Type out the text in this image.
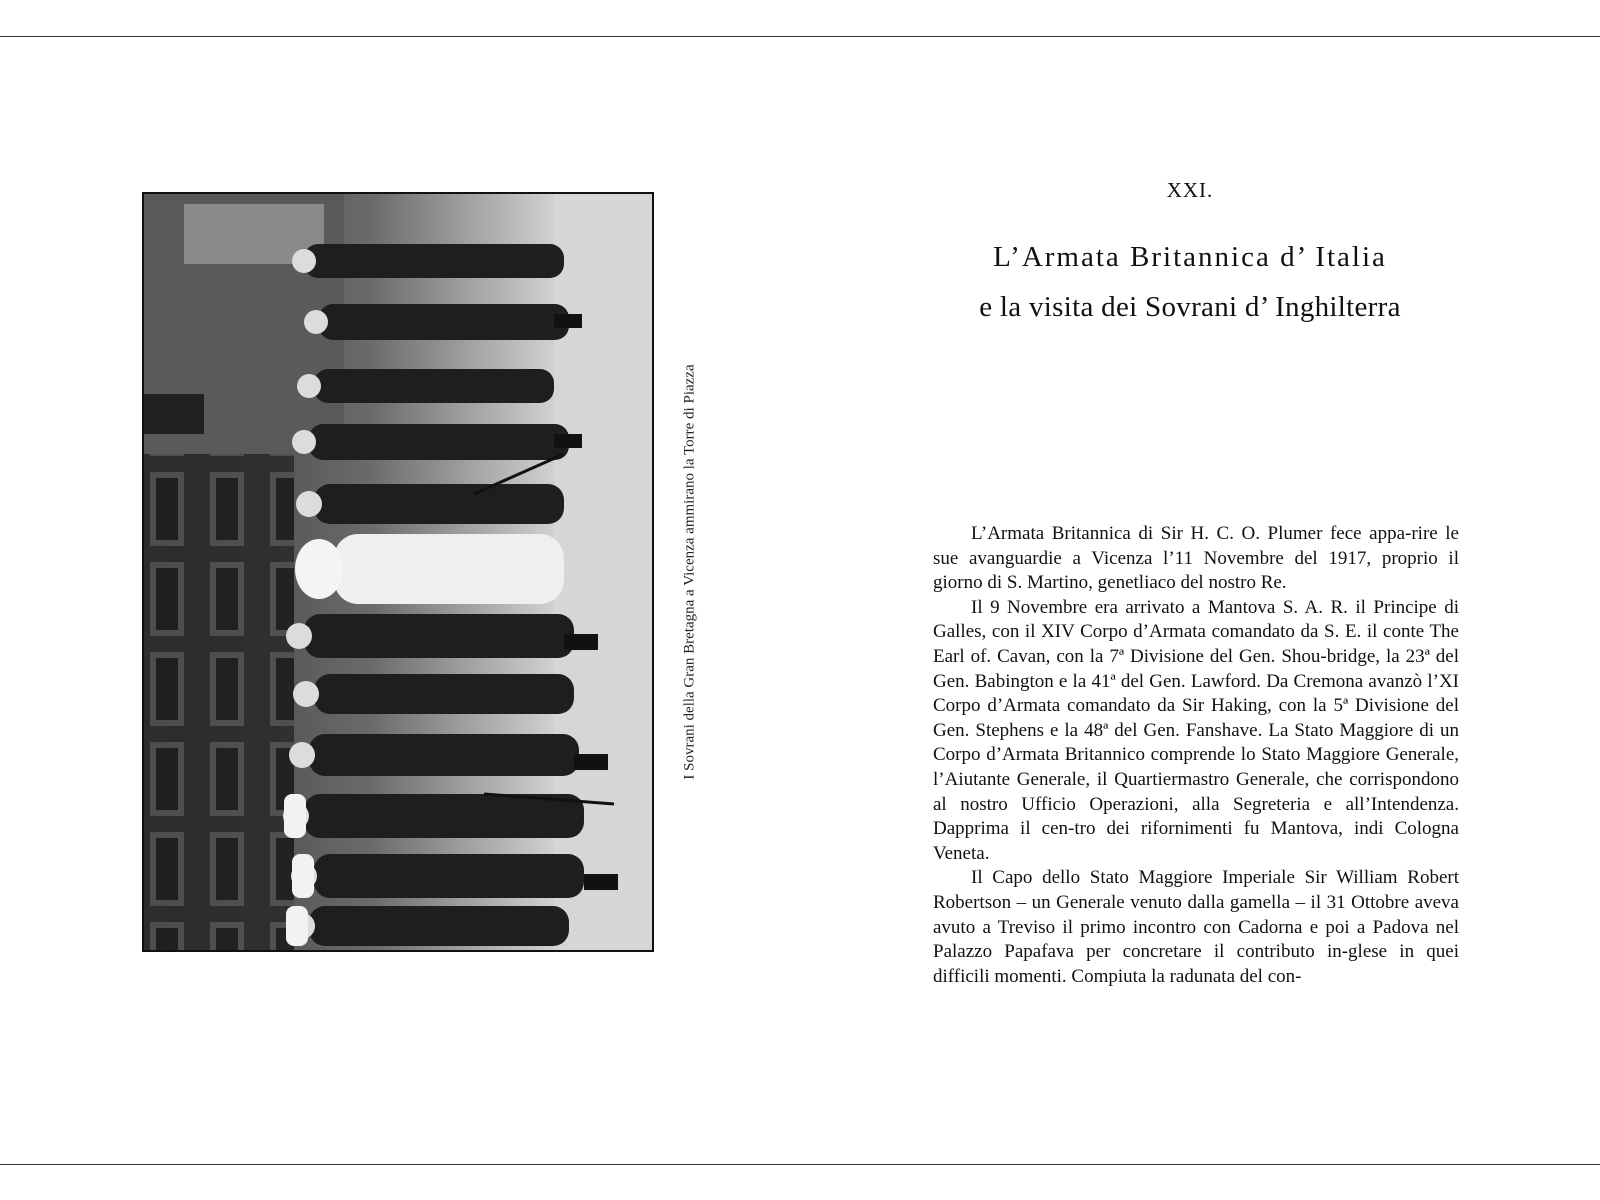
I Sovrani della Gran Bretagna a Vicenza ammirano la Torre di Piazza
XXI.
L’Armata Britannica d’ Italia
e la visita dei Sovrani d’ Inghilterra

L’Armata Britannica di Sir H. C. O. Plumer fece appa-rire le sue avanguardie a Vicenza l’11 Novembre del 1917, proprio il giorno di S. Martino, genetliaco del nostro Re.

Il 9 Novembre era arrivato a Mantova S. A. R. il Principe di Galles, con il XIV Corpo d’Armata comandato da S. E. il conte The Earl of. Cavan, con la 7ª Divisione del Gen. Shou-bridge, la 23ª del Gen. Babington e la 41ª del Gen. Lawford. Da Cremona avanzò l’XI Corpo d’Armata comandato da Sir Haking, con la 5ª Divisione del Gen. Stephens e la 48ª del Gen. Fanshave. La Stato Maggiore di un Corpo d’Armata Britannico comprende lo Stato Maggiore Generale, l’Aiutante Generale, il Quartiermastro Generale, che corrispondono al nostro Ufficio Operazioni, alla Segreteria e all’Intendenza. Dapprima il cen-tro dei rifornimenti fu Mantova, indi Cologna Veneta.

Il Capo dello Stato Maggiore Imperiale Sir William Robert Robertson – un Generale venuto dalla gamella – il 31 Ottobre aveva avuto a Treviso il primo incontro con Cadorna e poi a Padova nel Palazzo Papafava per concretare il contributo in-glese in quei difficili momenti. Compiuta la radunata del con-
